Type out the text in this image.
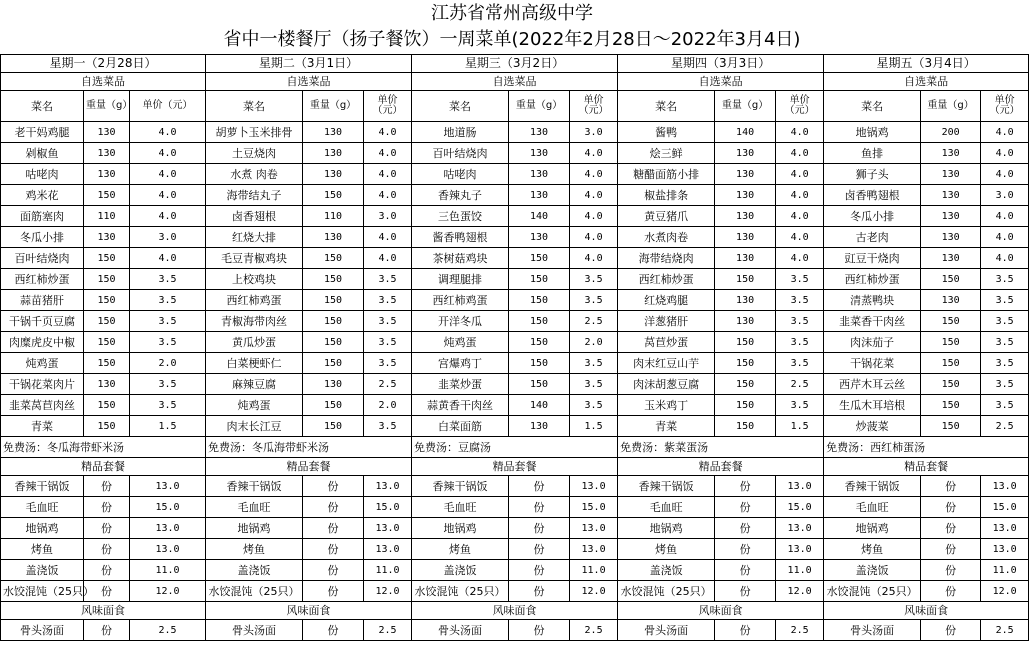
江苏省常州高级中学
省中一楼餐厅（扬子餐饮）一周菜单(2022年2月28日～2022年3月4日)
星期一（2月28日）			星期二（3月1日）			星期三（3月2日）			星期四（3月3日）			星期五（3月4日）		
自选菜品			自选菜品			自选菜品			自选菜品			自选菜品		
菜名	重量（g）	单价（元）	菜名	重量（g）	单价（元）	菜名	重量（g）	单价（元）	菜名	重量（g）	单价（元）	菜名	重量（g）	单价（元）
老干妈鸡腿	130	4.0	胡萝卜玉米排骨	130	4.0	地道肠	130	3.0	酱鸭	140	4.0	地锅鸡	200	4.0
剁椒鱼	130	4.0	土豆烧肉	130	4.0	百叶结烧肉	130	4.0	烩三鲜	130	4.0	鱼排	130	4.0
咕咾肉	130	4.0	水煮 肉卷	130	4.0	咕咾肉	130	4.0	糖醋面筋小排	130	4.0	狮子头	130	4.0
鸡米花	150	4.0	海带结丸子	150	4.0	香辣丸子	130	4.0	椒盐排条	130	4.0	卤香鸭翅根	130	3.0
面筋塞肉	110	4.0	卤香翅根	110	3.0	三色蛋饺	140	4.0	黄豆猪爪	130	4.0	冬瓜小排	130	4.0
冬瓜小排	130	3.0	红烧大排	130	4.0	酱香鸭翅根	130	4.0	水煮肉卷	130	4.0	古老肉	130	4.0
百叶结烧肉	150	4.0	毛豆青椒鸡块	150	4.0	茶树菇鸡块	150	4.0	海带结烧肉	130	4.0	豇豆干烧肉	130	4.0
西红柿炒蛋	150	3.5	上校鸡块	150	3.5	调理腿排	150	3.5	西红柿炒蛋	150	3.5	西红柿炒蛋	150	3.5
蒜苗猪肝	150	3.5	西红柿鸡蛋	150	3.5	西红柿鸡蛋	150	3.5	红烧鸡腿	130	3.5	清蒸鸭块	130	3.5
干锅千页豆腐	150	3.5	青椒海带肉丝	150	3.5	开洋冬瓜	150	2.5	洋葱猪肝	130	3.5	韭菜香干肉丝	150	3.5
肉糜虎皮中椒	150	3.5	黄瓜炒蛋	150	3.5	炖鸡蛋	150	2.0	莴苣炒蛋	150	3.5	肉沫茄子	150	3.5
炖鸡蛋	150	2.0	白菜梗虾仁	150	3.5	宫爆鸡丁	150	3.5	肉末红豆山芋	150	3.5	干锅花菜	150	3.5
干锅花菜肉片	130	3.5	麻辣豆腐	130	2.5	韭菜炒蛋	150	3.5	肉沫胡葱豆腐	150	2.5	西芹木耳云丝	150	3.5
韭菜莴苣肉丝	150	3.5	炖鸡蛋	150	2.0	蒜黄香干肉丝	140	3.5	玉米鸡丁	150	3.5	生瓜木耳培根	150	3.5
青菜	150	1.5	肉末长江豆	150	3.5	白菜面筋	130	1.5	青菜	150	1.5	炒菠菜	150	2.5
免费汤：冬瓜海带虾米汤			免费汤：冬瓜海带虾米汤			免费汤：豆腐汤			免费汤：紫菜蛋汤			免费汤：西红柿蛋汤		
精品套餐			精品套餐			精品套餐			精品套餐			精品套餐		
香辣干锅饭	份	13.0	香辣干锅饭	份	13.0	香辣干锅饭	份	13.0	香辣干锅饭	份	13.0	香辣干锅饭	份	13.0
毛血旺	份	15.0	毛血旺	份	15.0	毛血旺	份	15.0	毛血旺	份	15.0	毛血旺	份	15.0
地锅鸡	份	13.0	地锅鸡	份	13.0	地锅鸡	份	13.0	地锅鸡	份	13.0	地锅鸡	份	13.0
烤鱼	份	13.0	烤鱼	份	13.0	烤鱼	份	13.0	烤鱼	份	13.0	烤鱼	份	13.0
盖浇饭	份	11.0	盖浇饭	份	11.0	盖浇饭	份	11.0	盖浇饭	份	11.0	盖浇饭	份	11.0
水饺混饨（25只）	份	12.0	水饺混饨（25只）	份	12.0	水饺混饨（25只）	份	12.0	水饺混饨（25只）	份	12.0	水饺混饨（25只）	份	12.0
风味面食			风味面食			风味面食			风味面食			风味面食		
骨头汤面	份	2.5	骨头汤面	份	2.5	骨头汤面	份	2.5	骨头汤面	份	2.5	骨头汤面	份	2.5
